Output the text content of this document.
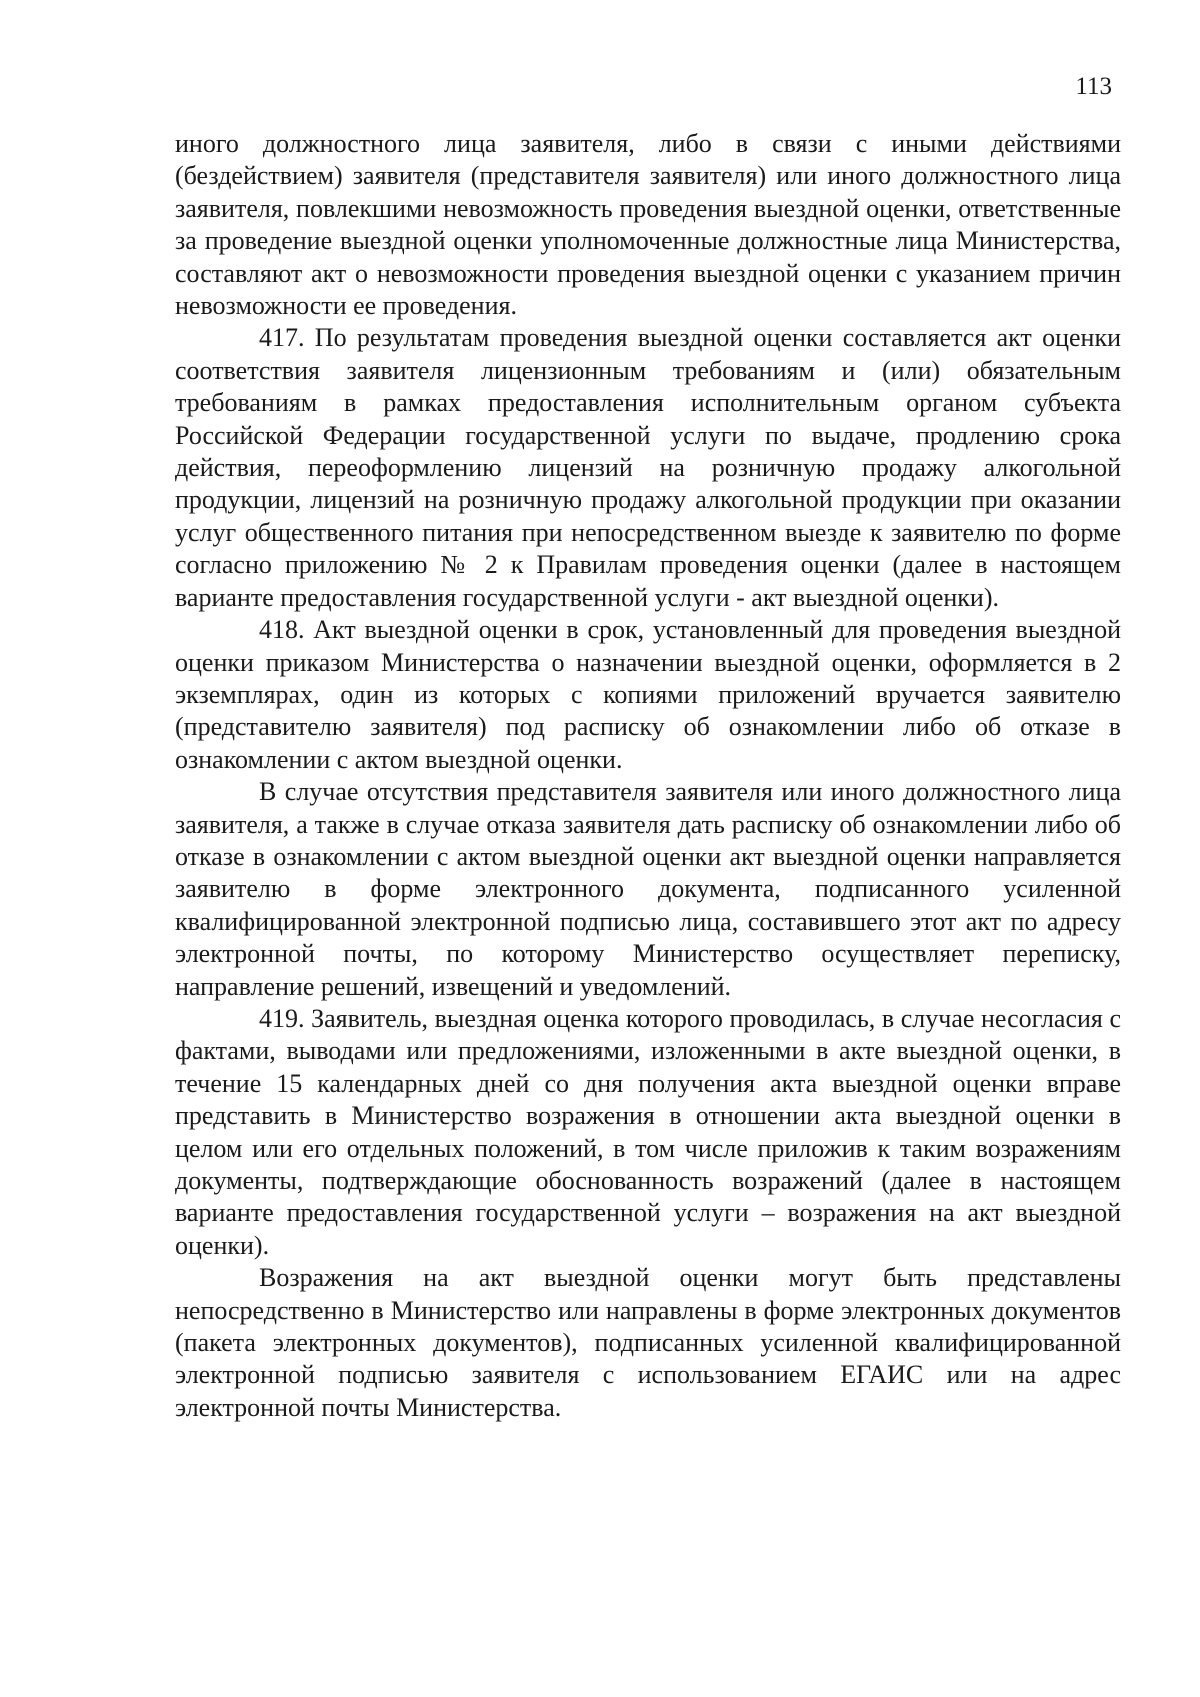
113

иного должностного лица заявителя, либо в связи с иными действиями (бездействием) заявителя (представителя заявителя) или иного должностного лица заявителя, повлекшими невозможность проведения выездной оценки, ответственные за проведение выездной оценки уполномоченные должностные лица Министерства, составляют акт о невозможности проведения выездной оценки с указанием причин невозможности ее проведения.

417. По результатам проведения выездной оценки составляется акт оценки соответствия заявителя лицензионным требованиям и (или) обязательным требованиям в рамках предоставления исполнительным органом субъекта Российской Федерации государственной услуги по выдаче, продлению срока действия, переоформлению лицензий на розничную продажу алкогольной продукции, лицензий на розничную продажу алкогольной продукции при оказании услуг общественного питания при непосредственном выезде к заявителю по форме согласно приложению № 2 к Правилам проведения оценки (далее в настоящем варианте предоставления государственной услуги - акт выездной оценки).

418. Акт выездной оценки в срок, установленный для проведения выездной оценки приказом Министерства о назначении выездной оценки, оформляется в 2 экземплярах, один из которых с копиями приложений вручается заявителю (представителю заявителя) под расписку об ознакомлении либо об отказе в ознакомлении с актом выездной оценки.

В случае отсутствия представителя заявителя или иного должностного лица заявителя, а также в случае отказа заявителя дать расписку об ознакомлении либо об отказе в ознакомлении с актом выездной оценки акт выездной оценки направляется заявителю в форме электронного документа, подписанного усиленной квалифицированной электронной подписью лица, составившего этот акт по адресу электронной почты, по которому Министерство осуществляет переписку, направление решений, извещений и уведомлений.

419. Заявитель, выездная оценка которого проводилась, в случае несогласия с фактами, выводами или предложениями, изложенными в акте выездной оценки, в течение 15 календарных дней со дня получения акта выездной оценки вправе представить в Министерство возражения в отношении акта выездной оценки в целом или его отдельных положений, в том числе приложив к таким возражениям документы, подтверждающие обоснованность возражений (далее в настоящем варианте предоставления государственной услуги – возражения на акт выездной оценки).

Возражения на акт выездной оценки могут быть представлены непосредственно в Министерство или направлены в форме электронных документов (пакета электронных документов), подписанных усиленной квалифицированной электронной подписью заявителя с использованием ЕГАИС или на адрес электронной почты Министерства.
